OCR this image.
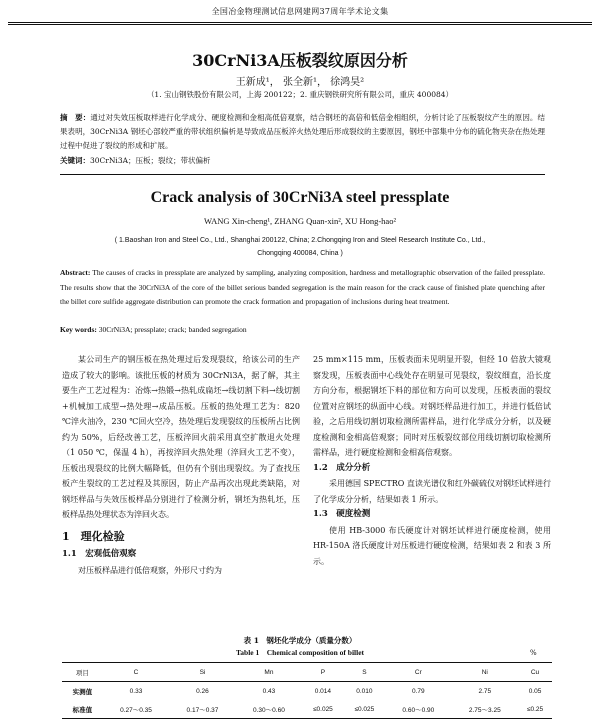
全国冶金物理测试信息网建网37周年学术论文集
30CrNi3A压板裂纹原因分析
王新成¹， 张全新¹， 徐鸿昊²
（1. 宝山钢铁股份有限公司，上海 200122；2. 重庆钢铁研究所有限公司，重庆 400084）
摘　要：通过对失效压板取样进行化学成分、硬度检测和金相高低倍观察，结合钢坯的高倍和低倍金相组织，分析讨论了压板裂纹产生的原因。结果表明，30CrNi3A 钢坯心部较严重的带状组织偏析是导致成品压板淬火热处理后形成裂纹的主要原因，钢坯中部集中分布的硫化物夹杂在热处理过程中促进了裂纹的形成和扩展。
关键词：30CrNi3A；压板；裂纹；带状偏析
Crack analysis of 30CrNi3A steel pressplate
WANG Xin-cheng¹, ZHANG Quan-xin², XU Hong-hao²
( 1.Baoshan Iron and Steel Co., Ltd., Shanghai 200122, China; 2.Chongqing Iron and Steel Research Institute Co., Ltd.,
Chongqing 400084, China )
Abstract: The causes of cracks in pressplate are analyzed by sampling, analyzing composition, hardness and metallographic observation of the failed pressplate. The results show that the 30CrNi3A of the core of the billet serious banded segregation is the main reason for the crack cause of finished plate quenching after the billet core sulfide aggregate distribution can promote the crack formation and propagation of inclusions during heat treatment.
Key words: 30CrNi3A; pressplate; crack; banded segregation
某公司生产的钢压板在热处理过后发现裂纹，给该公司的生产造成了较大的影响。该批压板的材质为 30CrNi3A，据了解，其主要生产工艺过程为：冶炼→热锻→热轧成扁坯→线切割下料→线切割+机械加工成型→热处理→成品压板。压板的热处理工艺为：820 ℃淬火油冷，230 ℃回火空冷，热处理后发现裂纹的压板所占比例约为 50%，后经改善工艺，压板淬回火前采用真空扩散退火处理（1 050 ℃，保温 4 h），再按淬回火热处理（淬回火工艺不变），压板出现裂纹的比例大幅降低，但仍有个别出现裂纹。为了查找压板产生裂纹的工艺过程及其原因，防止产品再次出现此类缺陷，对钢坯样品与失效压板样品分别进行了检测分析，钢坯为热轧坯，压板样品热处理状态为淬回火态。
1　理化检验
1.1　宏观低倍观察
对压板样品进行低倍观察，外形尺寸约为
25 mm×115 mm，压板表面未见明显开裂，但经 10 倍放大镜观察发现，压板表面中心线处存在明显可见裂纹，裂纹细直，沿长度方向分布，根据钢坯下料的部位和方向可以发现，压板表面的裂纹位置对应钢坯的纵面中心线。对钢坯样品进行加工，并进行低倍试验，之后用线切割切取检测所需样品，进行化学成分分析，以及硬度检测和金相高倍观察；同时对压板裂纹部位用线切割切取检测所需样品，进行硬度检测和金相高倍观察。
1.2　成分分析
采用德国 SPECTRO 直读光谱仪和红外碳硫仪对钢坯试样进行了化学成分分析，结果如表 1 所示。
1.3　硬度检测
使用 HB-3000 布氏硬度计对钢坯试样进行硬度检测，使用 HR-150A 洛氏硬度计对压板进行硬度检测，结果如表 2 和表 3 所示。
表 1　钢坯化学成分（质量分数）
Table 1　Chemical composition of billet	%
项目	C	Si	Mn	P	S	Cr	Ni	Cu
实测值	0.33	0.26	0.43	0.014	0.010	0.79	2.75	0.05
标准值	0.27～0.35	0.17～0.37	0.30～0.60	≤0.025	≤0.025	0.60～0.90	2.75～3.25	≤0.25
